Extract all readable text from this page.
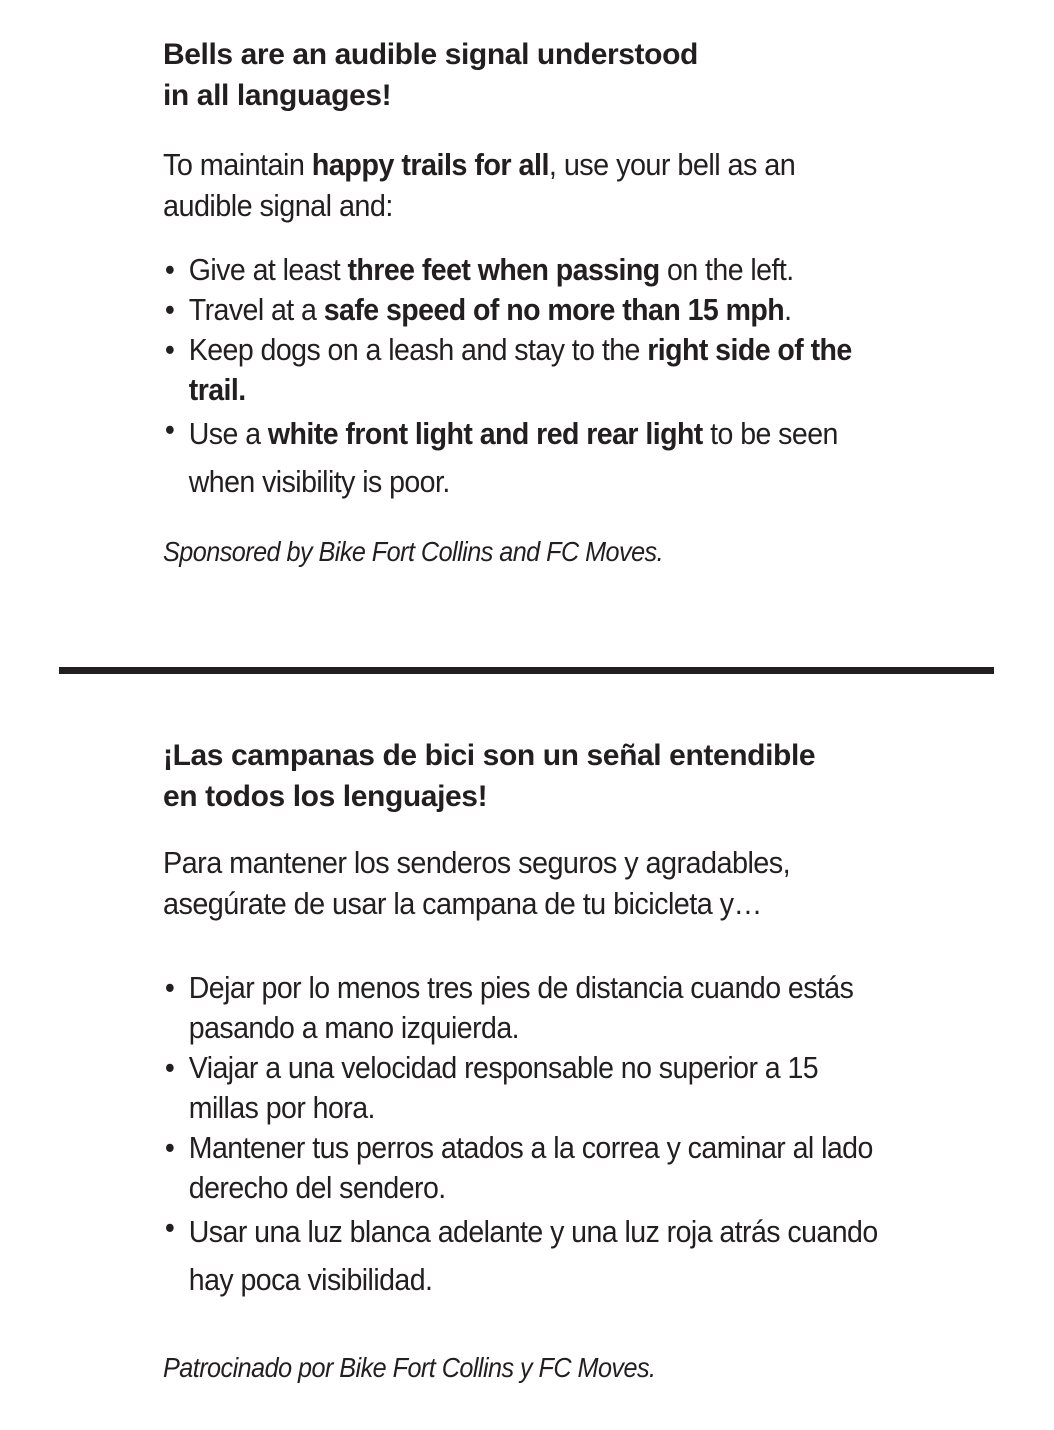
Bells are an audible signal understood
in all languages!

To maintain happy trails for all, use your bell as an audible signal and:

• Give at least three feet when passing on the left.
• Travel at a safe speed of no more than 15 mph.
• Keep dogs on a leash and stay to the right side of the trail.
• Use a white front light and red rear light to be seen when visibility is poor.

Sponsored by Bike Fort Collins and FC Moves.

¡Las campanas de bici son un señal entendible
en todos los lenguajes!

Para mantener los senderos seguros y agradables, asegúrate de usar la campana de tu bicicleta y…

• Dejar por lo menos tres pies de distancia cuando estás pasando a mano izquierda.
• Viajar a una velocidad responsable no superior a 15 millas por hora.
• Mantener tus perros atados a la correa y caminar al lado derecho del sendero.
• Usar una luz blanca adelante y una luz roja atrás cuando hay poca visibilidad.

Patrocinado por Bike Fort Collins y FC Moves.
